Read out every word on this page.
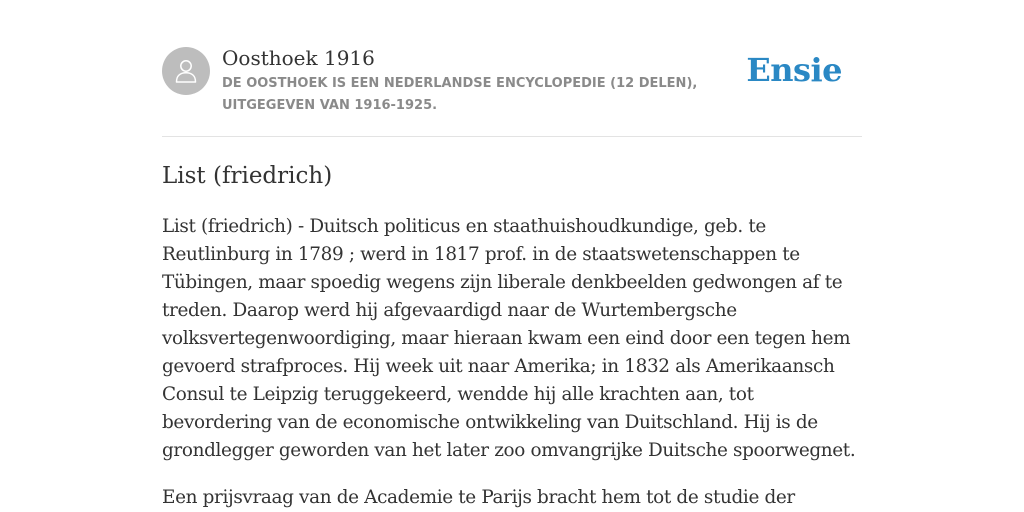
Oosthoek 1916
DE OOSTHOEK IS EEN NEDERLANDSE ENCYCLOPEDIE (12 DELEN), UITGEGEVEN VAN 1916-1925.
Ensie
List (friedrich)

List (friedrich) - Duitsch politicus en staathuishoudkundige, geb. te Reutlinburg in 1789 ; werd in 1817 prof. in de staatswetenschappen te Tübingen, maar spoedig wegens zijn liberale denkbeelden gedwongen af te treden. Daarop werd hij afgevaardigd naar de Wurtembergsche volksvertegenwoordiging, maar hieraan kwam een eind door een tegen hem gevoerd strafproces. Hij week uit naar Amerika; in 1832 als Amerikaansch Consul te Leipzig teruggekeerd, wendde hij alle krachten aan, tot bevordering van de economische ontwikkeling van Duitschland. Hij is de grondlegger geworden van het later zoo omvangrijke Duitsche spoorwegnet.

Een prijsvraag van de Academie te Parijs bracht hem tot de studie der
